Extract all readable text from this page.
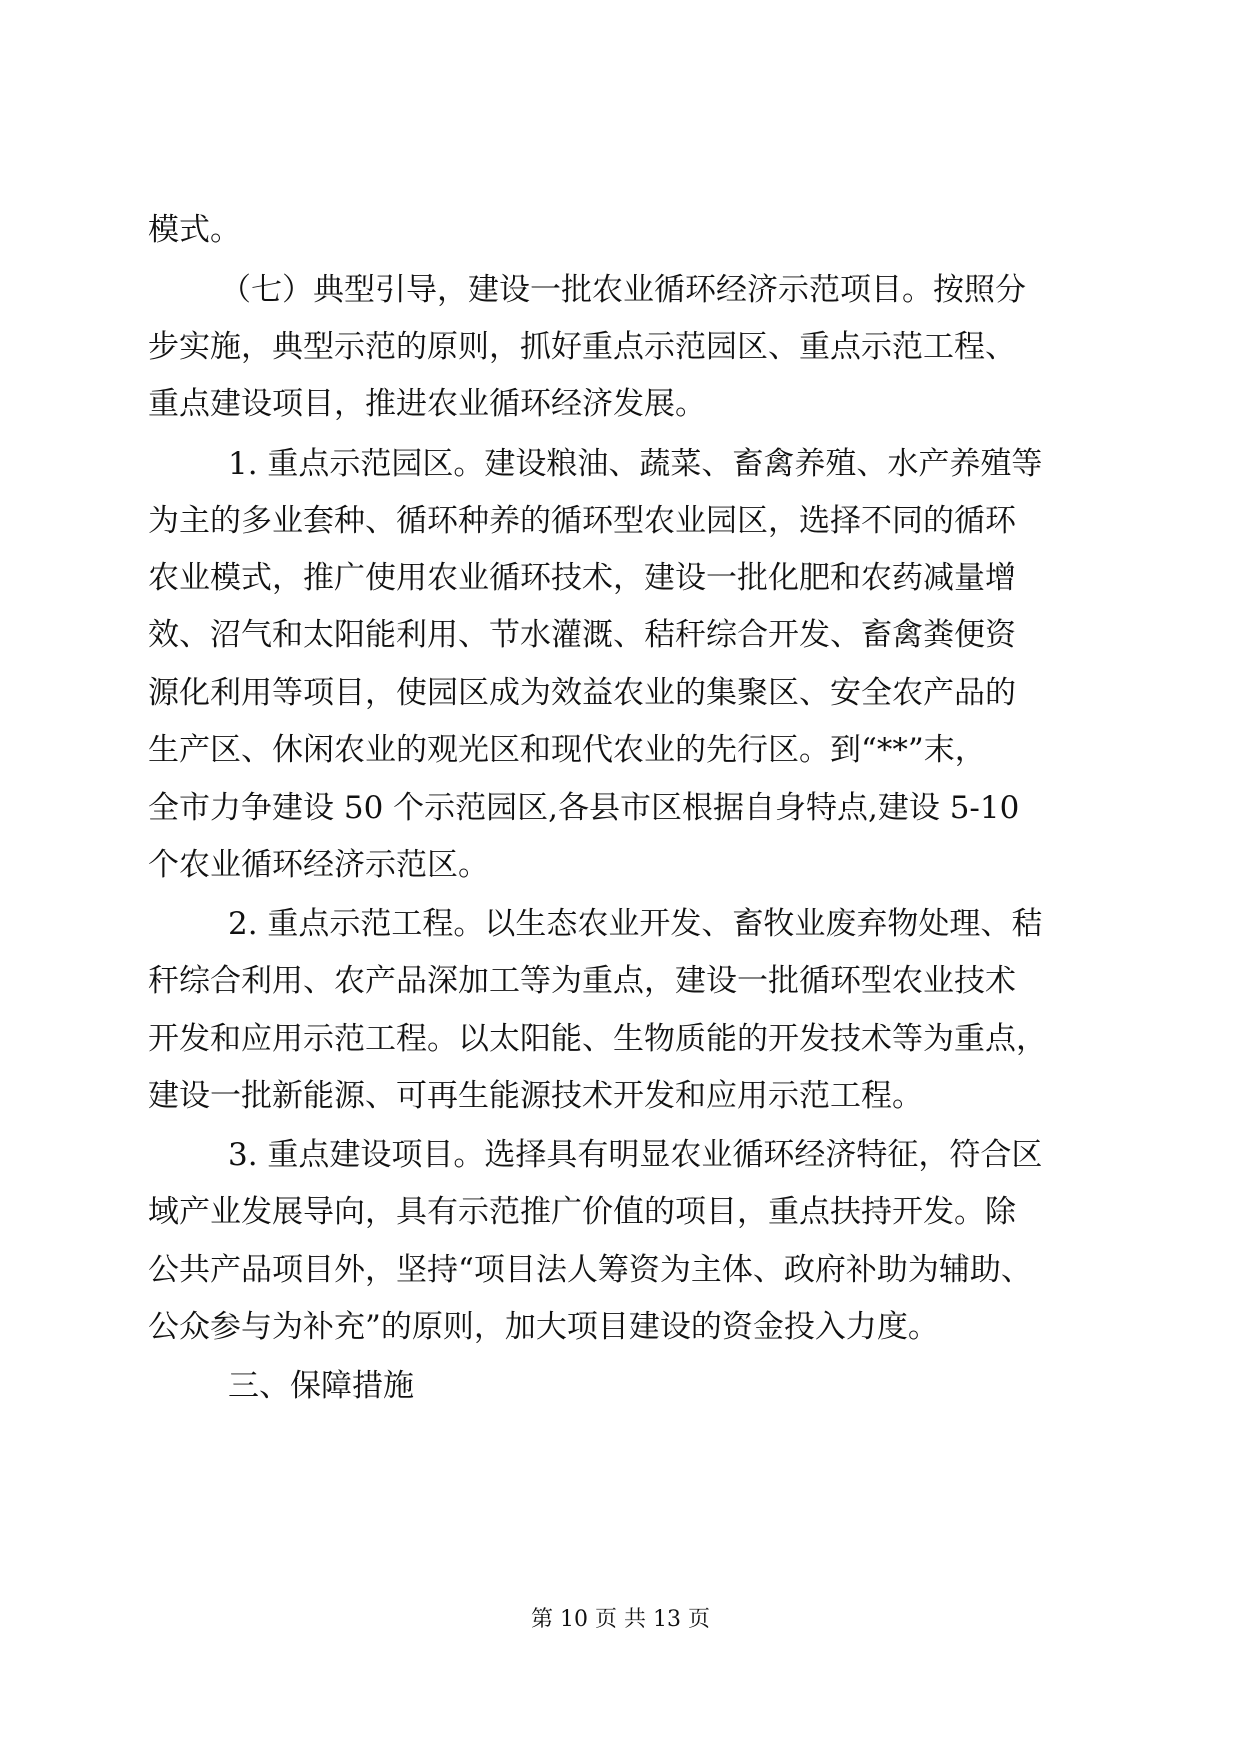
模式。
（七）典型引导，建设一批农业循环经济示范项目。按照分
步实施，典型示范的原则，抓好重点示范园区、重点示范工程、
重点建设项目，推进农业循环经济发展。
1. 重点示范园区。建设粮油、蔬菜、畜禽养殖、水产养殖等
为主的多业套种、循环种养的循环型农业园区，选择不同的循环
农业模式，推广使用农业循环技术，建设一批化肥和农药减量增
效、沼气和太阳能利用、节水灌溉、秸秆综合开发、畜禽粪便资
源化利用等项目，使园区成为效益农业的集聚区、安全农产品的
生产区、休闲农业的观光区和现代农业的先行区。到“**”末，
全市力争建设 50 个示范园区,各县市区根据自身特点,建设 5-10
个农业循环经济示范区。
2. 重点示范工程。以生态农业开发、畜牧业废弃物处理、秸
秆综合利用、农产品深加工等为重点，建设一批循环型农业技术
开发和应用示范工程。以太阳能、生物质能的开发技术等为重点，
建设一批新能源、可再生能源技术开发和应用示范工程。
3. 重点建设项目。选择具有明显农业循环经济特征，符合区
域产业发展导向，具有示范推广价值的项目，重点扶持开发。除
公共产品项目外，坚持“项目法人筹资为主体、政府补助为辅助、
公众参与为补充”的原则，加大项目建设的资金投入力度。
三、保障措施
第 10 页 共 13 页
